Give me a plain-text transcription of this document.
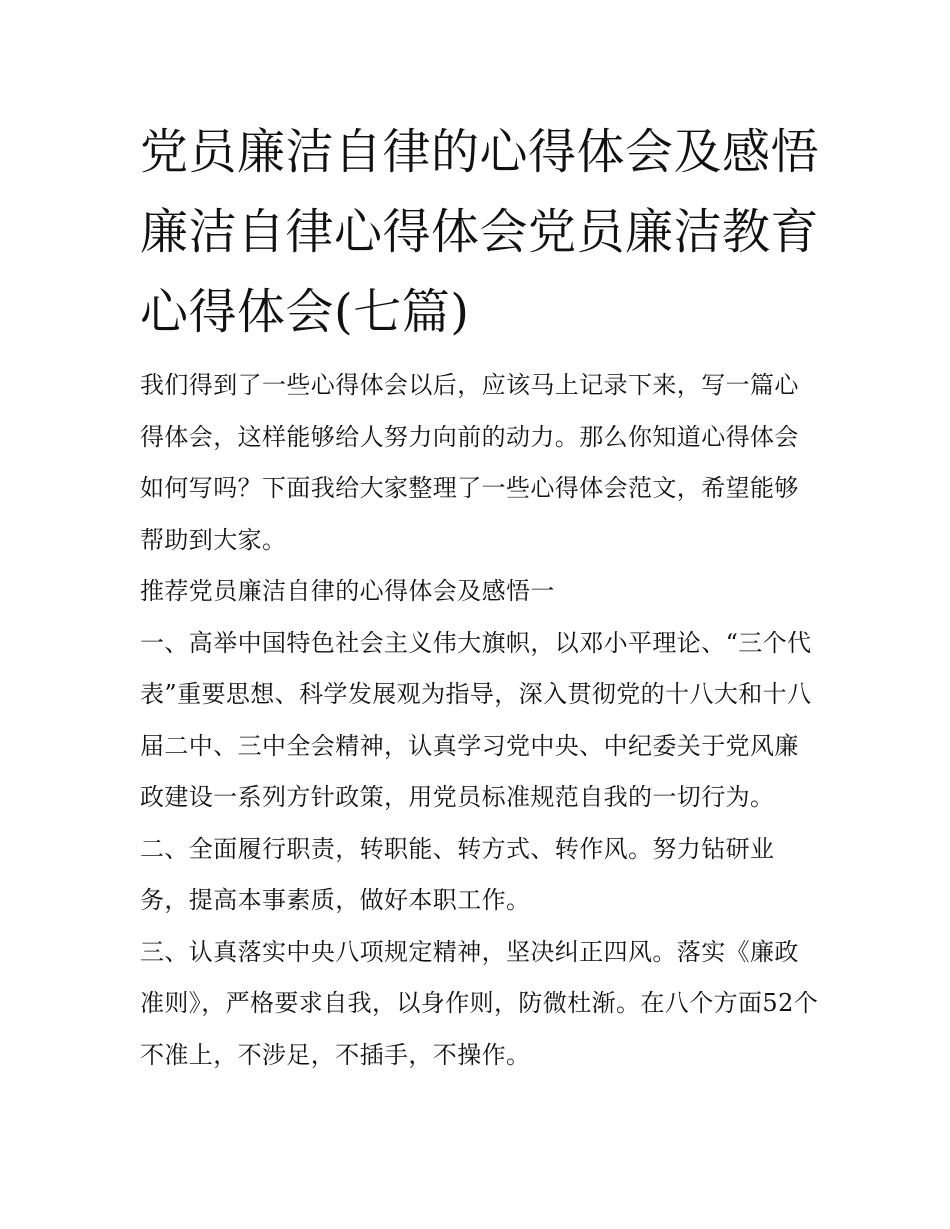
党员廉洁自律的心得体会及感悟 廉洁自律心得体会党员廉洁教育心得体会(七篇)

我们得到了一些心得体会以后，应该马上记录下来，写一篇心得体会，这样能够给人努力向前的动力。那么你知道心得体会如何写吗？下面我给大家整理了一些心得体会范文，希望能够帮助到大家。

推荐党员廉洁自律的心得体会及感悟一

一、高举中国特色社会主义伟大旗帜，以邓小平理论、“三个代表”重要思想、科学发展观为指导，深入贯彻党的十八大和十八届二中、三中全会精神，认真学习党中央、中纪委关于党风廉政建设一系列方针政策，用党员标准规范自我的一切行为。

二、全面履行职责，转职能、转方式、转作风。努力钻研业务，提高本事素质，做好本职工作。

三、认真落实中央八项规定精神，坚决纠正四风。落实《廉政准则》，严格要求自我，以身作则，防微杜渐。在八个方面52个不准上，不涉足，不插手，不操作。
